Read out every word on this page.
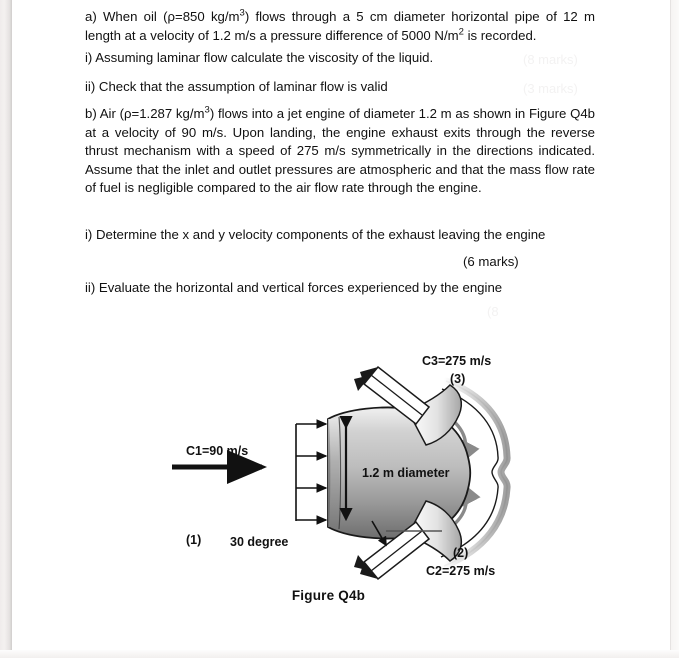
a) When oil (ρ=850 $kg/m^3$) flows through a 5 cm diameter horizontal pipe of 12 m length at a velocity of 1.2 m/s a pressure difference of 5000 $N/m^2$ is recorded.
i) Assuming laminar flow calculate the viscosity of the liquid.	(8 marks)
ii) Check that the assumption of laminar flow is valid	(3 marks)
b) Air (ρ=1.287 $kg/m^3$) flows into a jet engine of diameter 1.2 m as shown in Figure Q4b at a velocity of 90 m/s. Upon landing, the engine exhaust exits through the reverse thrust mechanism with a speed of 275 m/s symmetrically in the directions indicated. Assume that the inlet and outlet pressures are atmospheric and that the mass flow rate of fuel is negligible compared to the air flow rate through the engine.
i) Determine the x and y velocity components of the exhaust leaving the engine
(6 marks)
ii) Evaluate the horizontal and vertical forces experienced by the engine
(8
C1=90 m/s
1.2 m diameter
C3=275 m/s
(3)
(2)
C2=275 m/s
(1) 30 degree
Figure Q4b
